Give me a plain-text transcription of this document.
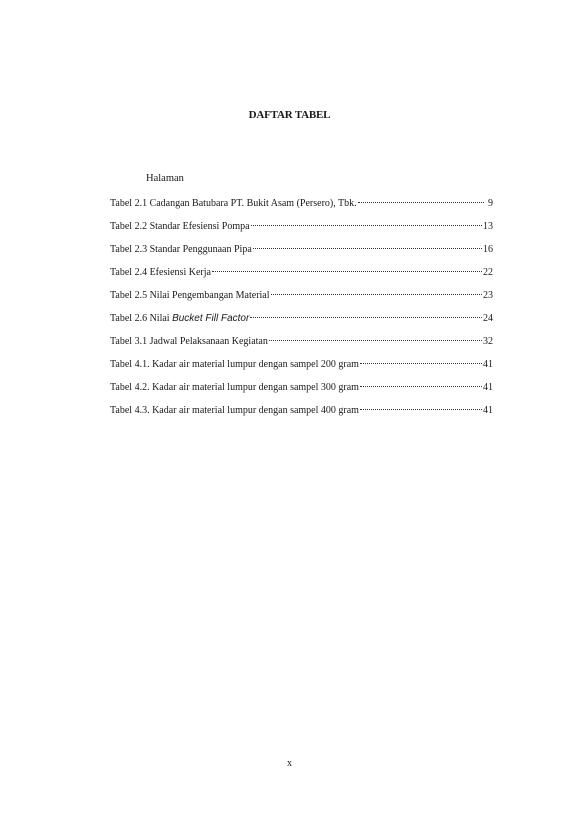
DAFTAR TABEL
Halaman
Tabel 2.1 Cadangan Batubara PT. Bukit Asam (Persero), Tbk.	9
Tabel 2.2 Standar Efesiensi Pompa	13
Tabel 2.3 Standar Penggunaan Pipa	16
Tabel 2.4 Efesiensi Kerja	22
Tabel 2.5 Nilai Pengembangan Material	23
Tabel 2.6 Nilai Bucket Fill Factor	24
Tabel 3.1 Jadwal Pelaksanaan Kegiatan	32
Tabel 4.1. Kadar air material lumpur dengan sampel 200 gram	41
Tabel 4.2. Kadar air material lumpur dengan sampel 300 gram	41
Tabel 4.3. Kadar air material lumpur dengan sampel 400 gram	41
x
